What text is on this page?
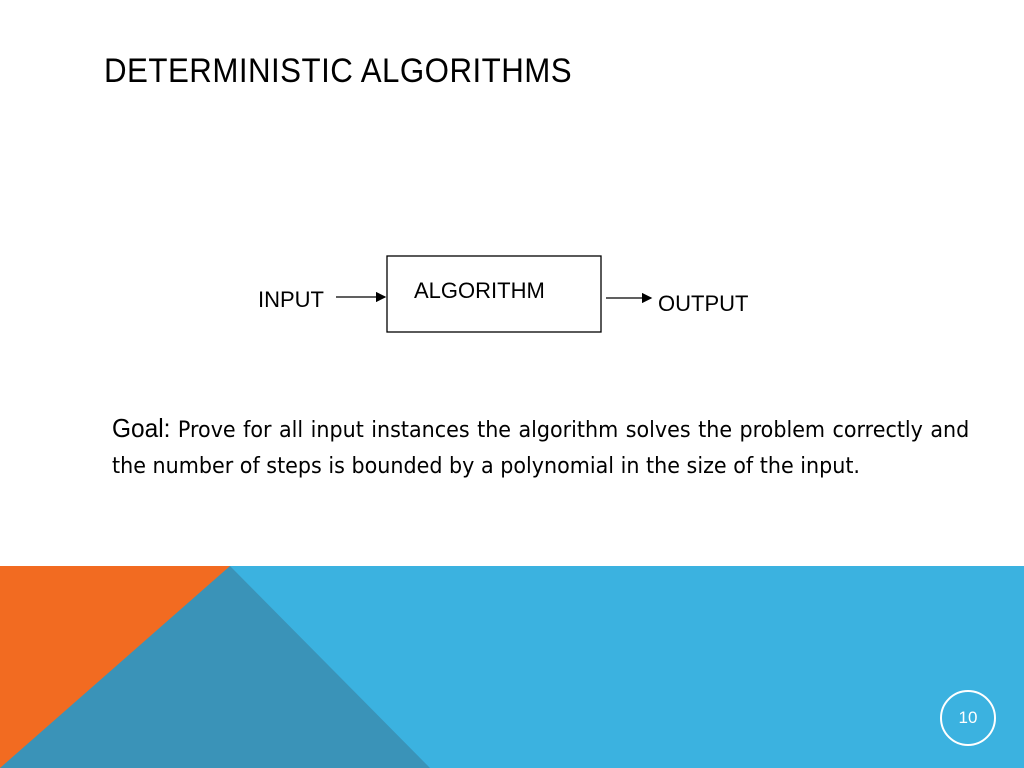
DETERMINISTIC ALGORITHMS
INPUT	ALGORITHM
OUTPUT

Goal: Prove for all input instances the algorithm solves the problem correctly and the number of steps is bounded by a polynomial in the size of the input.

10
